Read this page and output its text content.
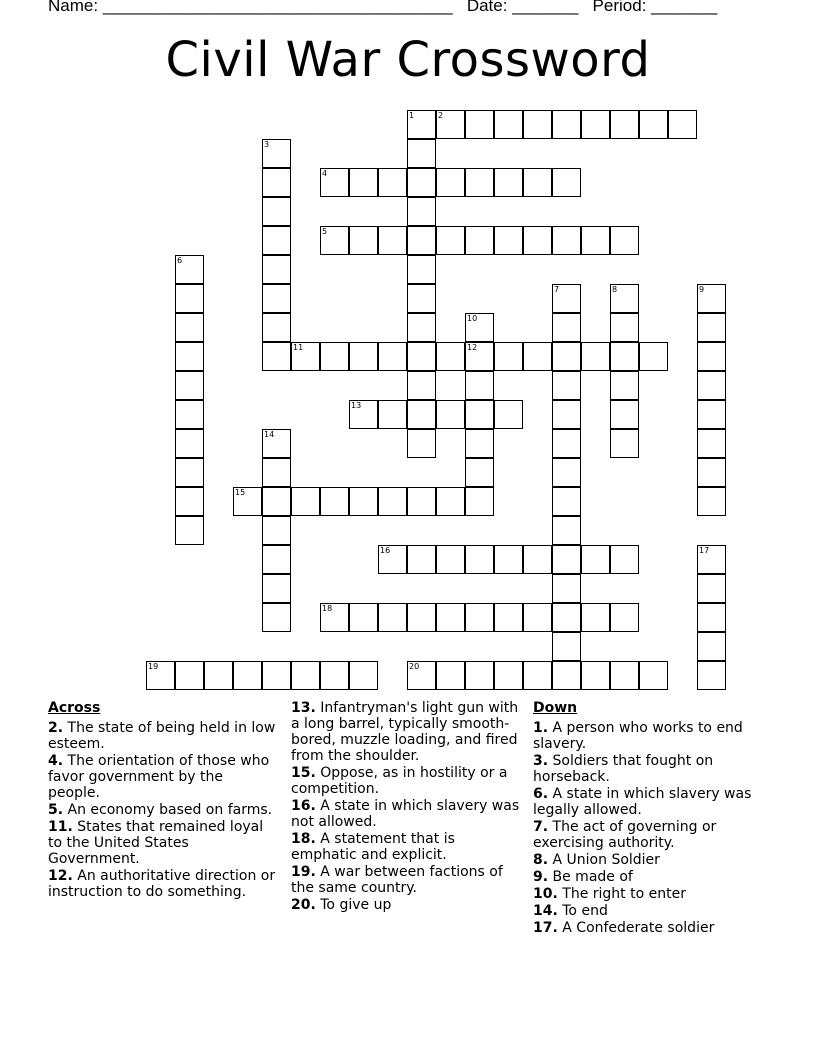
Name: _____________________________________ Date: _______ Period: _______
Civil War Crossword
2
4
5
11	12
13
15
16
18
19	20
1
3
6
7	8	9
10
14
17
Across
2. The state of being held in low esteem.
4. The orientation of those who favor government by the people.
5. An economy based on farms.
11. States that remained loyal to the United States Government.
12. An authoritative direction or instruction to do something.
13. Infantryman's light gun with a long barrel, typically smooth-bored, muzzle loading, and fired from the shoulder.
15. Oppose, as in hostility or a competition.
16. A state in which slavery was not allowed.
18. A statement that is emphatic and explicit.
19. A war between factions of the same country.
20. To give up
Down
1. A person who works to end slavery.
3. Soldiers that fought on horseback.
6. A state in which slavery was legally allowed.
7. The act of governing or exercising authority.
8. A Union Soldier
9. Be made of
10. The right to enter
14. To end
17. A Confederate soldier
